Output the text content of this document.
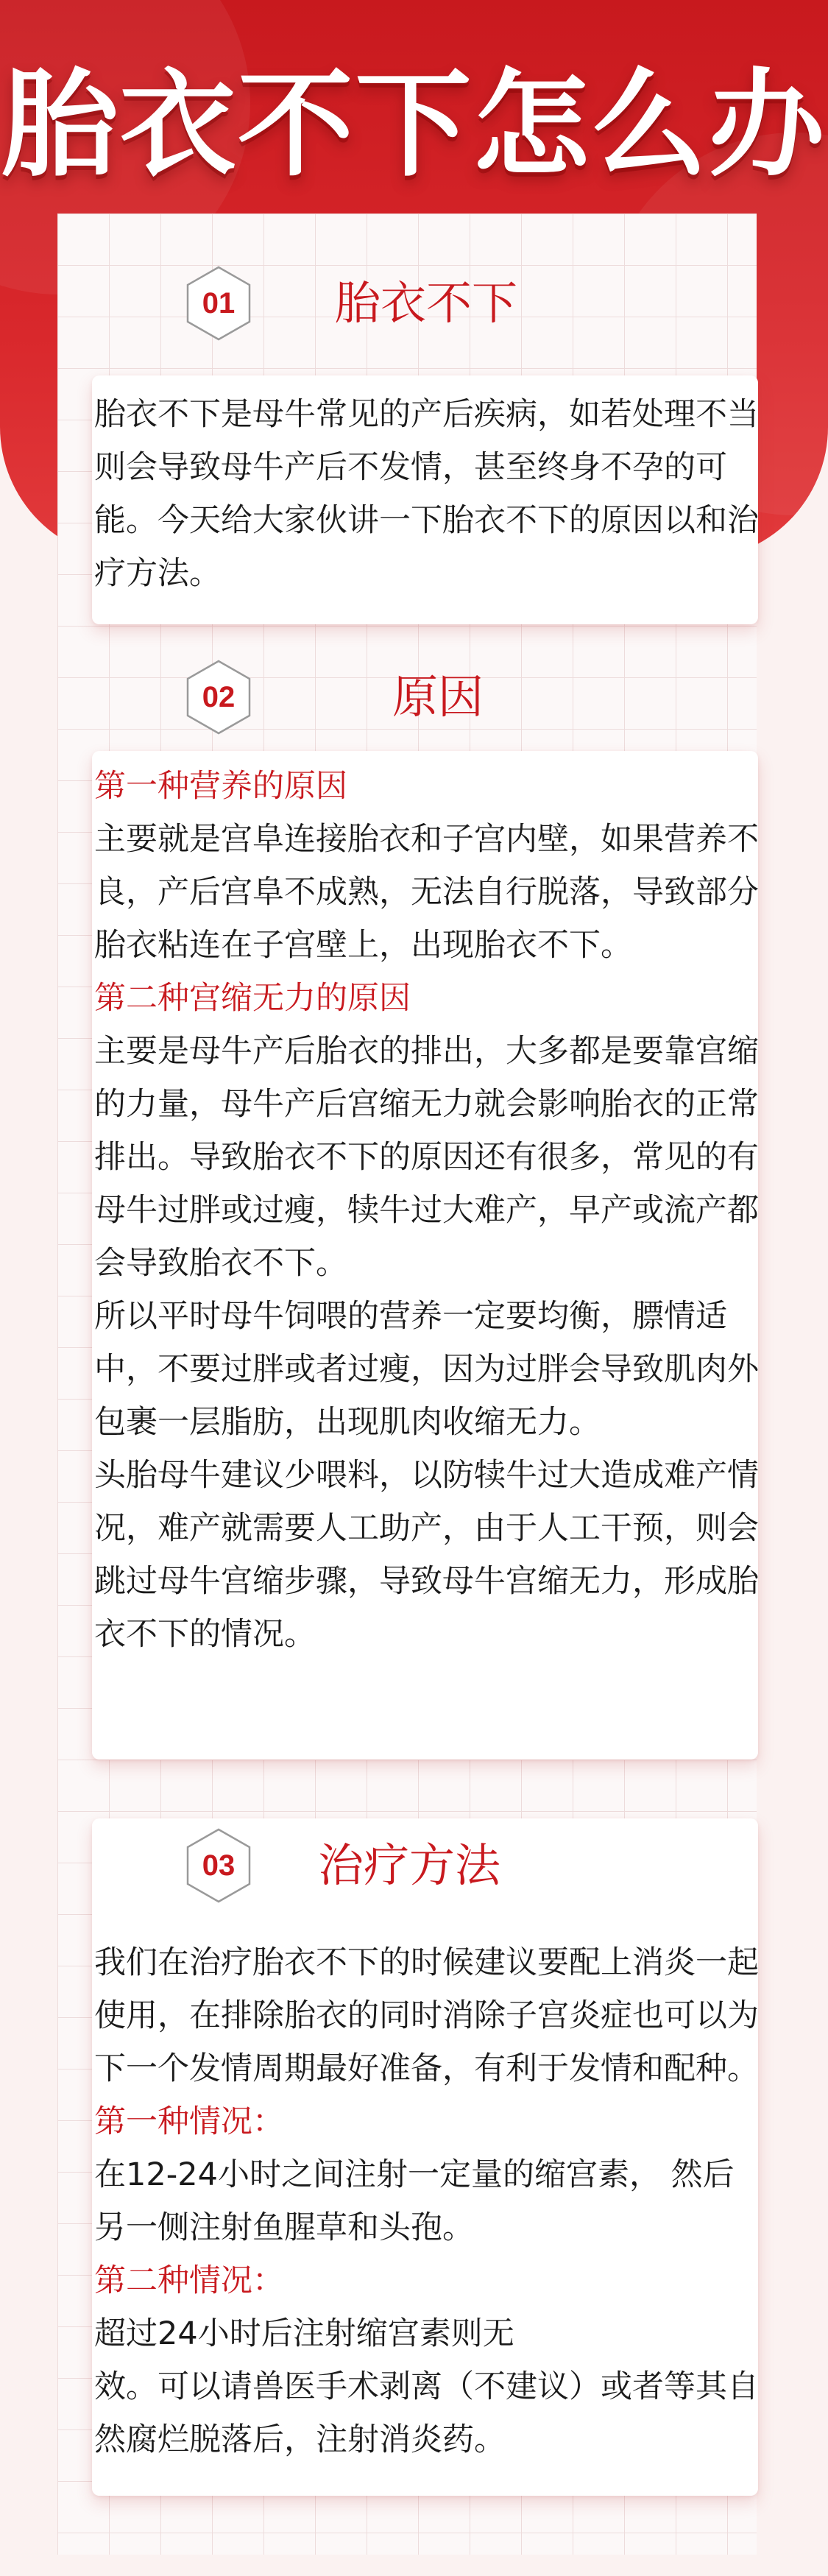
胎衣不下怎么办
01	胎衣不下

胎衣不下是母牛常见的产后疾病，如若处理不当则会导致母牛产后不发情，甚至终身不孕的可能。今天给大家伙讲一下胎衣不下的原因以和治疗方法。

02	原因

第一种营养的原因

主要就是宫阜连接胎衣和子宫内壁，如果营养不良，产后宫阜不成熟，无法自行脱落，导致部分胎衣粘连在子宫壁上，出现胎衣不下。

第二种宫缩无力的原因

主要是母牛产后胎衣的排出，大多都是要靠宫缩的力量，母牛产后宫缩无力就会影响胎衣的正常排出。导致胎衣不下的原因还有很多，常见的有母牛过胖或过瘦，犊牛过大难产，早产或流产都会导致胎衣不下。

所以平时母牛饲喂的营养一定要均衡，膘情适中，不要过胖或者过瘦，因为过胖会导致肌肉外包裹一层脂肪，出现肌肉收缩无力。

头胎母牛建议少喂料，以防犊牛过大造成难产情况，难产就需要人工助产，由于人工干预，则会跳过母牛宫缩步骤，导致母牛宫缩无力，形成胎衣不下的情况。

03	治疗方法

我们在治疗胎衣不下的时候建议要配上消炎一起使用，在排除胎衣的同时消除子宫炎症也可以为下一个发情周期最好准备，有利于发情和配种。

第一种情况：

在12-24小时之间注射一定量的缩宫素， 然后另一侧注射鱼腥草和头孢。

第二种情况：

超过24小时后注射缩宫素则无

效。可以请兽医手术剥离（不建议）或者等其自然腐烂脱落后，注射消炎药。
